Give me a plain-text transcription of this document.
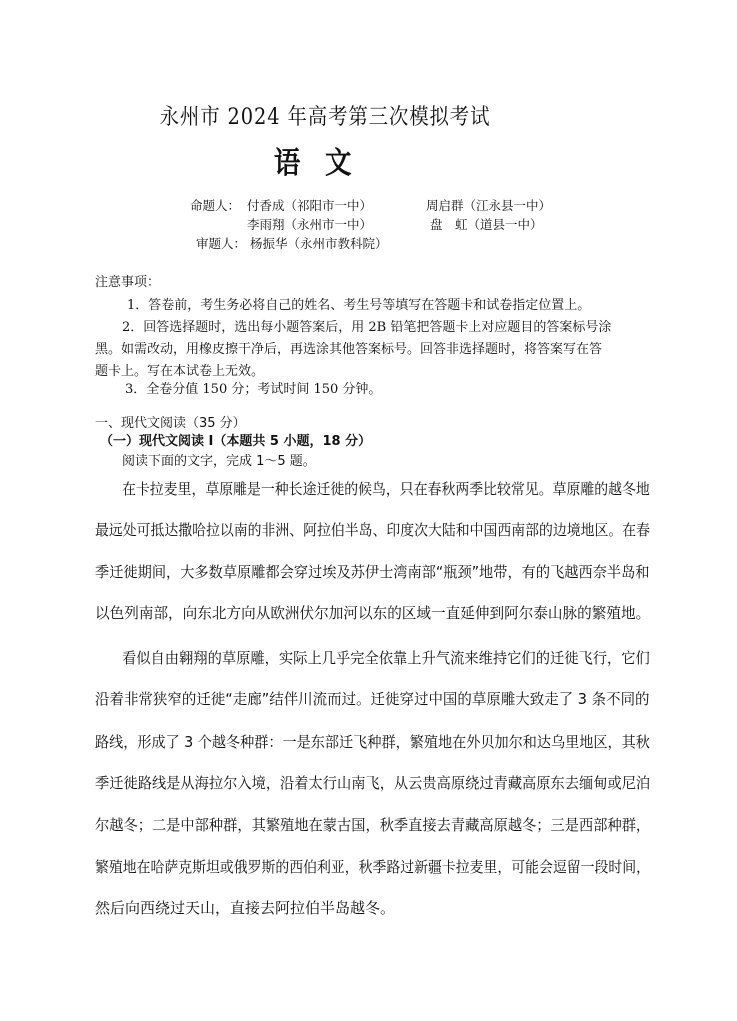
永州市 2024 年高考第三次模拟考试
语文
命题人： 付香成（祁阳市一中）	周启群（江永县一中）
李雨翔（永州市一中）	盘　虹（道县一中）
审题人： 杨振华（永州市教科院）
注意事项：
1．答卷前，考生务必将自己的姓名、考生号等填写在答题卡和试卷指定位置上。
2．回答选择题时，选出每小题答案后，用 2B 铅笔把答题卡上对应题目的答案标号涂
黑。如需改动，用橡皮擦干净后，再选涂其他答案标号。回答非选择题时，将答案写在答
题卡上。写在本试卷上无效。
3．全卷分值 150 分；考试时间 150 分钟。
一、现代文阅读（35 分）
（一）现代文阅读 I（本题共 5 小题，18 分）
阅读下面的文字，完成 1～5 题。
在卡拉麦里，草原雕是一种长途迁徙的候鸟，只在春秋两季比较常见。草原雕的越冬地
最远处可抵达撒哈拉以南的非洲、阿拉伯半岛、印度次大陆和中国西南部的边境地区。在春
季迁徙期间，大多数草原雕都会穿过埃及苏伊士湾南部“瓶颈”地带，有的飞越西奈半岛和
以色列南部，向东北方向从欧洲伏尔加河以东的区域一直延伸到阿尔泰山脉的繁殖地。
看似自由翱翔的草原雕，实际上几乎完全依靠上升气流来维持它们的迁徙飞行，它们
沿着非常狭窄的迁徙“走廊”结伴川流而过。迁徙穿过中国的草原雕大致走了 3 条不同的
路线，形成了 3 个越冬种群：一是东部迁飞种群，繁殖地在外贝加尔和达乌里地区，其秋
季迁徙路线是从海拉尔入境，沿着太行山南飞，从云贵高原绕过青藏高原东去缅甸或尼泊
尔越冬；二是中部种群，其繁殖地在蒙古国，秋季直接去青藏高原越冬；三是西部种群，
繁殖地在哈萨克斯坦或俄罗斯的西伯利亚，秋季路过新疆卡拉麦里，可能会逗留一段时间，
然后向西绕过天山，直接去阿拉伯半岛越冬。
